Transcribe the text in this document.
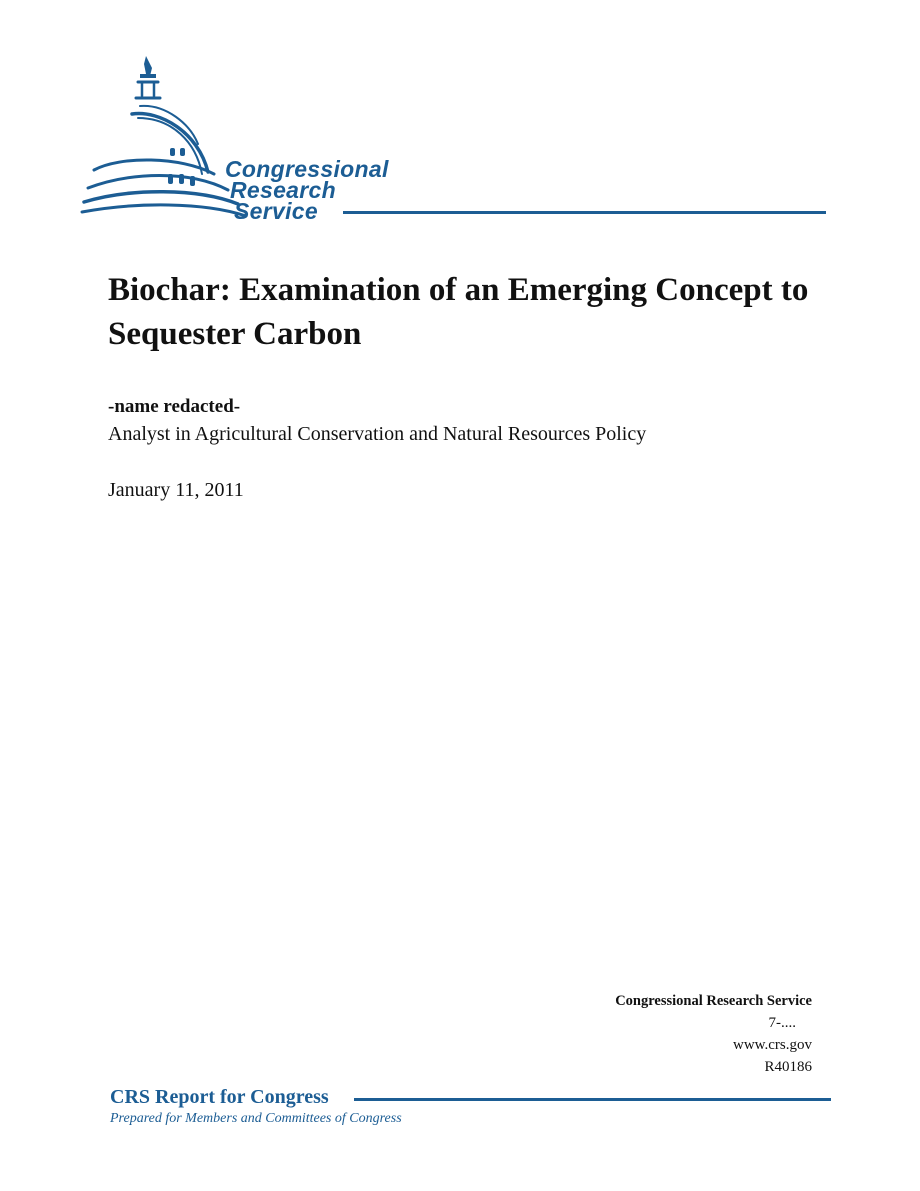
Congressional
Research
Service
Biochar: Examination of an Emerging Concept to Sequester Carbon
-name redacted-
Analyst in Agricultural Conservation and Natural Resources Policy
January 11, 2011
Congressional Research Service
7-....
www.crs.gov
R40186
CRS Report for Congress
Prepared for Members and Committees of Congress
